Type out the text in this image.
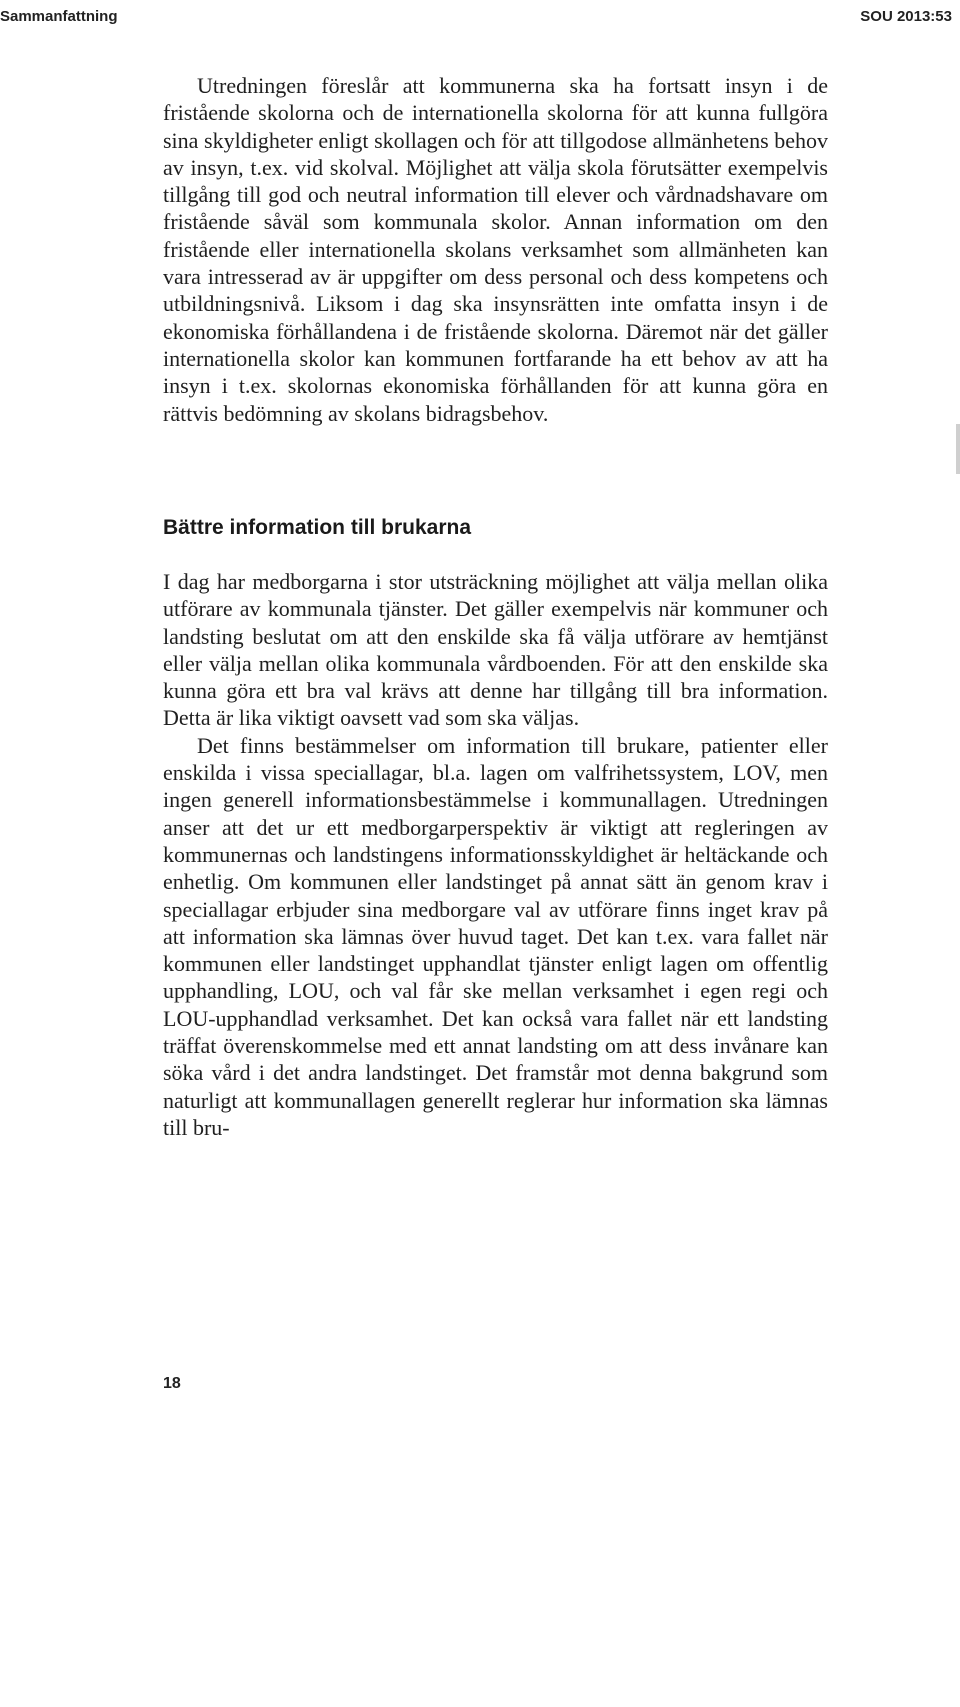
Sammanfattning	SOU 2013:53

Utredningen föreslår att kommunerna ska ha fortsatt insyn i de fristående skolorna och de internationella skolorna för att kunna fullgöra sina skyldigheter enligt skollagen och för att tillgodose allmänhetens behov av insyn, t.ex. vid skolval. Möjlighet att välja skola förutsätter exempelvis tillgång till god och neutral information till elever och vårdnadshavare om fristående såväl som kommunala skolor. Annan information om den fristående eller internationella skolans verksamhet som allmänheten kan vara intresserad av är uppgifter om dess personal och dess kompetens och utbildningsnivå. Liksom i dag ska insynsrätten inte omfatta insyn i de ekonomiska förhållandena i de fristående skolorna. Däremot när det gäller internationella skolor kan kommunen fortfarande ha ett behov av att ha insyn i t.ex. skolornas ekonomiska förhållanden för att kunna göra en rättvis bedömning av skolans bidragsbehov.

Bättre information till brukarna

I dag har medborgarna i stor utsträckning möjlighet att välja mellan olika utförare av kommunala tjänster. Det gäller exempelvis när kommuner och landsting beslutat om att den enskilde ska få välja utförare av hemtjänst eller välja mellan olika kommunala vårdboenden. För att den enskilde ska kunna göra ett bra val krävs att denne har tillgång till bra information. Detta är lika viktigt oavsett vad som ska väljas.

Det finns bestämmelser om information till brukare, patienter eller enskilda i vissa speciallagar, bl.a. lagen om valfrihetssystem, LOV, men ingen generell informationsbestämmelse i kommunallagen. Utredningen anser att det ur ett medborgarperspektiv är viktigt att regleringen av kommunernas och landstingens informationsskyldighet är heltäckande och enhetlig. Om kommunen eller landstinget på annat sätt än genom krav i speciallagar erbjuder sina medborgare val av utförare finns inget krav på att information ska lämnas över huvud taget. Det kan t.ex. vara fallet när kommunen eller landstinget upphandlat tjänster enligt lagen om offentlig upphandling, LOU, och val får ske mellan verksamhet i egen regi och LOU-upphandlad verksamhet. Det kan också vara fallet när ett landsting träffat överenskommelse med ett annat landsting om att dess invånare kan söka vård i det andra landstinget. Det framstår mot denna bakgrund som naturligt att kommunallagen generellt reglerar hur information ska lämnas till bru-

18
